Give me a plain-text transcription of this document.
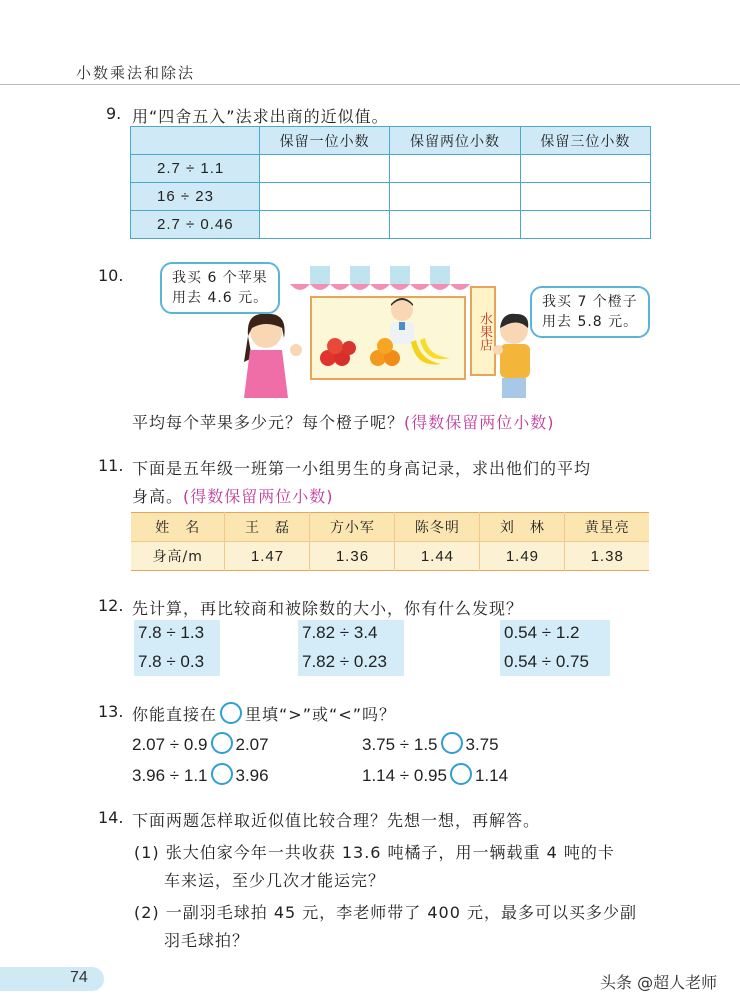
小数乘法和除法
9. 用“四舍五入”法求出商的近似值。
	保留一位小数	保留两位小数	保留三位小数
2.7 ÷ 1.1			
16 ÷ 23			
2.7 ÷ 0.46			
10.
水果店
我买 6 个苹果
用去 4.6 元。	我买 7 个橙子
用去 5.8 元。
平均每个苹果多少元？每个橙子呢？(得数保留两位小数)
11. 下面是五年级一班第一小组男生的身高记录，求出他们的平均
身高。(得数保留两位小数)
姓　名	王　磊	方小军	陈冬明	刘　林	黄星亮
身高/m	1.47	1.36	1.44	1.49	1.38
12. 先计算，再比较商和被除数的大小，你有什么发现？
7.8 ÷ 1.3
7.8 ÷ 0.3
7.82 ÷ 3.4
7.82 ÷ 0.23
0.54 ÷ 1.2
0.54 ÷ 0.75
13. 你能直接在 里填“>”或“<”吗？
2.07 ÷ 0.9 2.07	3.75 ÷ 1.5 3.75
3.96 ÷ 1.1 3.96	1.14 ÷ 0.95 1.14
14. 下面两题怎样取近似值比较合理？先想一想，再解答。
(1) 张大伯家今年一共收获 13.6 吨橘子，用一辆载重 4 吨的卡
车来运，至少几次才能运完？
(2) 一副羽毛球拍 45 元，李老师带了 400 元，最多可以买多少副
羽毛球拍？
74	头条 @超人老师
